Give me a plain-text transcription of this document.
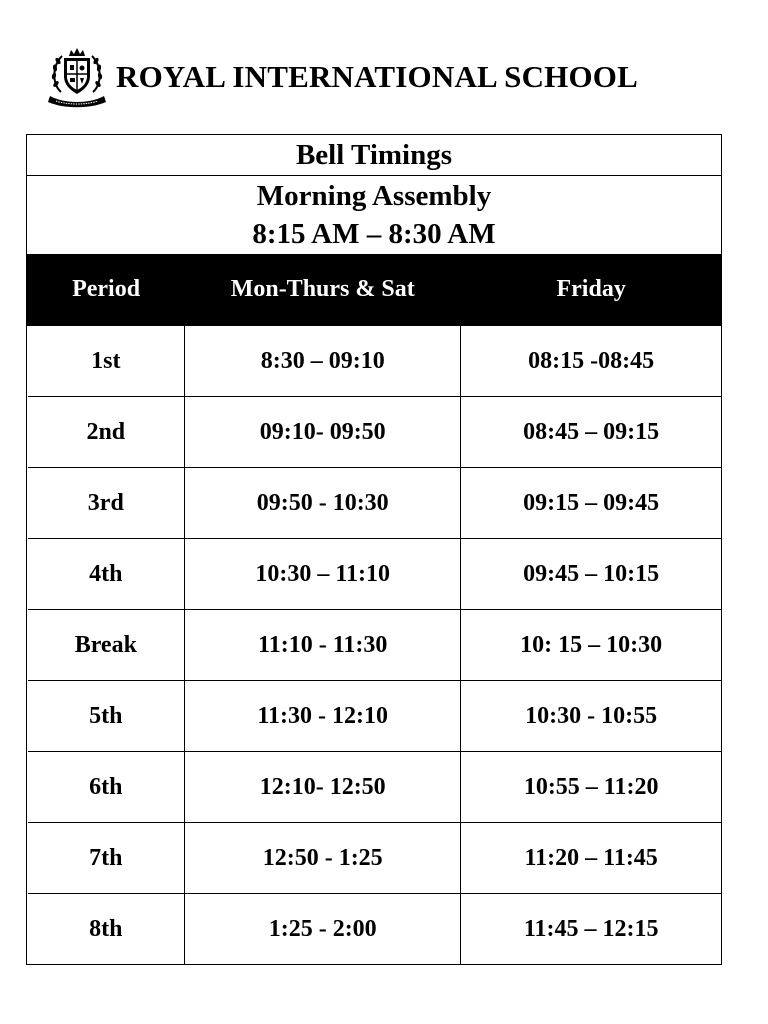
ROYAL INTERNATIONAL SCHOOL
Bell Timings
Morning Assembly
8:15 AM – 8:30 AM
Period	Mon-Thurs & Sat	Friday
1st	8:30 – 09:10	08:15 -08:45
2nd	09:10- 09:50	08:45 – 09:15
3rd	09:50 - 10:30	09:15 – 09:45
4th	10:30 – 11:10	09:45 – 10:15
Break	11:10 - 11:30	10: 15 – 10:30
5th	11:30 - 12:10	10:30 - 10:55
6th	12:10- 12:50	10:55 – 11:20
7th	12:50 - 1:25	11:20 – 11:45
8th	1:25 - 2:00	11:45 – 12:15
